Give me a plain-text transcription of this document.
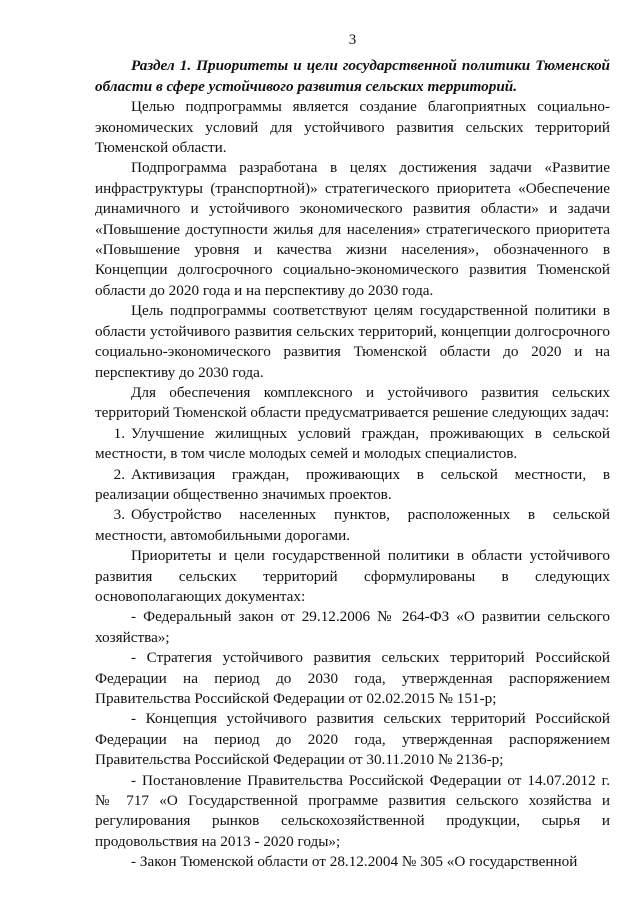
3

Раздел 1. Приоритеты и цели государственной политики Тюменской области в сфере устойчивого развития сельских территорий.

Целью подпрограммы является создание благоприятных социально-экономических условий для устойчивого развития сельских территорий Тюменской области.

Подпрограмма разработана в целях достижения задачи «Развитие инфраструктуры (транспортной)» стратегического приоритета «Обеспечение динамичного и устойчивого экономического развития области» и задачи «Повышение доступности жилья для населения» стратегического приоритета «Повышение уровня и качества жизни населения», обозначенного в Концепции долгосрочного социально-экономического развития Тюменской области до 2020 года и на перспективу до 2030 года.

Цель подпрограммы соответствуют целям государственной политики в области устойчивого развития сельских территорий, концепции долгосрочного социально-экономического развития Тюменской области до 2020 и на перспективу до 2030 года.

Для обеспечения комплексного и устойчивого развития сельских территорий Тюменской области предусматривается решение следующих задач:

1. Улучшение жилищных условий граждан, проживающих в сельской местности, в том числе молодых семей и молодых специалистов.

2. Активизация граждан, проживающих в сельской местности, в реализации общественно значимых проектов.

3. Обустройство населенных пунктов, расположенных в сельской местности, автомобильными дорогами.

Приоритеты и цели государственной политики в области устойчивого развития сельских территорий сформулированы в следующих основополагающих документах:

- Федеральный закон от 29.12.2006 № 264-ФЗ «О развитии сельского хозяйства»;

- Стратегия устойчивого развития сельских территорий Российской Федерации на период до 2030 года, утвержденная распоряжением Правительства Российской Федерации от 02.02.2015 № 151-р;

- Концепция устойчивого развития сельских территорий Российской Федерации на период до 2020 года, утвержденная распоряжением Правительства Российской Федерации от 30.11.2010 № 2136-р;

- Постановление Правительства Российской Федерации от 14.07.2012 г. № 717 «О Государственной программе развития сельского хозяйства и регулирования рынков сельскохозяйственной продукции, сырья и продовольствия на 2013 - 2020 годы»;

- Закон Тюменской области от 28.12.2004 № 305 «О государственной
